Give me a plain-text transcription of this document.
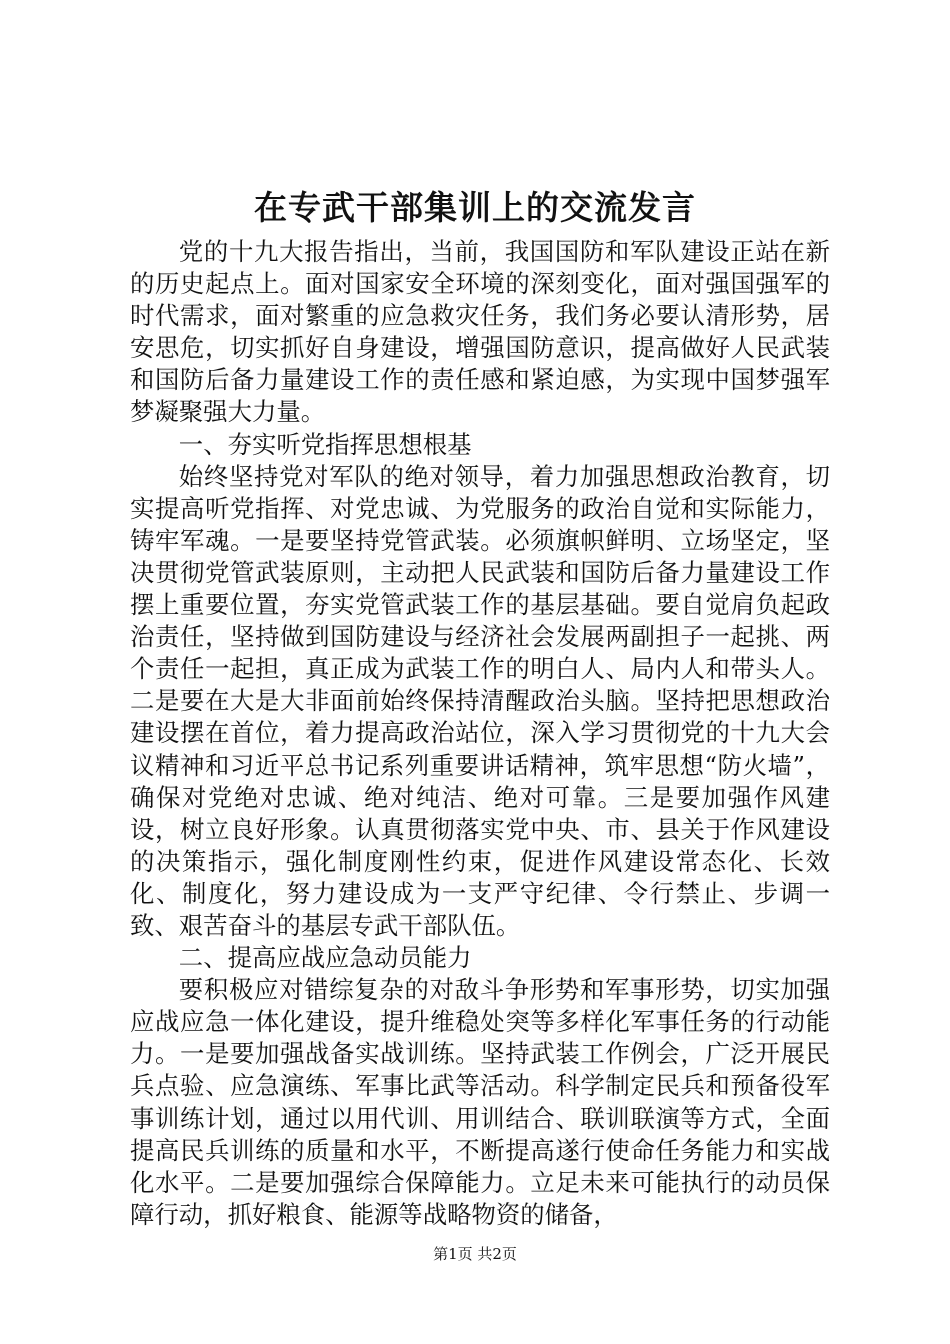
在专武干部集训上的交流发言

党的十九大报告指出，当前，我国国防和军队建设正站在新的历史起点上。面对国家安全环境的深刻变化，面对强国强军的时代需求，面对繁重的应急救灾任务，我们务必要认清形势，居安思危，切实抓好自身建设，增强国防意识，提高做好人民武装和国防后备力量建设工作的责任感和紧迫感，为实现中国梦强军梦凝聚强大力量。

一、夯实听党指挥思想根基

始终坚持党对军队的绝对领导，着力加强思想政治教育，切实提高听党指挥、对党忠诚、为党服务的政治自觉和实际能力，铸牢军魂。一是要坚持党管武装。必须旗帜鲜明、立场坚定，坚决贯彻党管武装原则，主动把人民武装和国防后备力量建设工作摆上重要位置，夯实党管武装工作的基层基础。要自觉肩负起政治责任，坚持做到国防建设与经济社会发展两副担子一起挑、两个责任一起担，真正成为武装工作的明白人、局内人和带头人。二是要在大是大非面前始终保持清醒政治头脑。坚持把思想政治建设摆在首位，着力提高政治站位，深入学习贯彻党的十九大会议精神和习近平总书记系列重要讲话精神，筑牢思想“防火墙”，确保对党绝对忠诚、绝对纯洁、绝对可靠。三是要加强作风建设，树立良好形象。认真贯彻落实党中央、市、县关于作风建设的决策指示，强化制度刚性约束，促进作风建设常态化、长效化、制度化，努力建设成为一支严守纪律、令行禁止、步调一致、艰苦奋斗的基层专武干部队伍。

二、提高应战应急动员能力

要积极应对错综复杂的对敌斗争形势和军事形势，切实加强应战应急一体化建设，提升维稳处突等多样化军事任务的行动能力。一是要加强战备实战训练。坚持武装工作例会，广泛开展民兵点验、应急演练、军事比武等活动。科学制定民兵和预备役军事训练计划，通过以用代训、用训结合、联训联演等方式，全面提高民兵训练的质量和水平，不断提高遂行使命任务能力和实战化水平。二是要加强综合保障能力。立足未来可能执行的动员保障行动，抓好粮食、能源等战略物资的储备，

第1页 共2页
